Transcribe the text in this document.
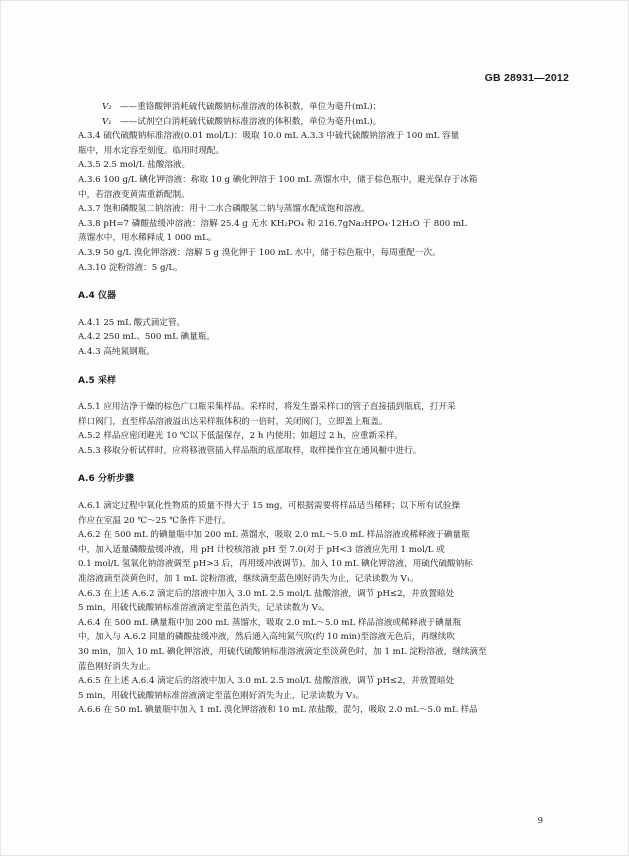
GB 28931—2012
V₂ ——重铬酸钾消耗硫代硫酸钠标准溶液的体积数，单位为毫升(mL)；
V₁ ——试剂空白消耗硫代硫酸钠标准溶液的体积数，单位为毫升(mL)。
A.3.4 硫代硫酸钠标准溶液(0.01 mol/L)：吸取 10.0 mL A.3.3 中硫代硫酸钠溶液于 100 mL 容量
瓶中，用水定容至刻度。临用时现配。
A.3.5 2.5 mol/L 盐酸溶液。
A.3.6 100 g/L 碘化钾溶液：称取 10 g 碘化钾溶于 100 mL 蒸馏水中，储于棕色瓶中，避光保存于冰箱
中，若溶液变黄需重新配制。
A.3.7 饱和磷酸氢二钠溶液：用十二水合磷酸氢二钠与蒸馏水配成饱和溶液。
A.3.8 pH=7 磷酸盐缓冲溶液：溶解 25.4 g 无水 KH₂PO₄ 和 216.7gNa₂HPO₄·12H₂O 于 800 mL
蒸馏水中，用水稀释成 1 000 mL。
A.3.9 50 g/L 溴化钾溶液：溶解 5 g 溴化钾于 100 mL 水中，储于棕色瓶中，每周重配一次。
A.3.10 淀粉溶液：5 g/L。
A.4 仪器
A.4.1 25 mL 酸式滴定管。
A.4.2 250 mL、500 mL 碘量瓶。
A.4.3 高纯氮钢瓶。
A.5 采样
A.5.1 应用洁净干燥的棕色广口瓶采集样品。采样时，将发生器采样口的管子直接插到瓶底，打开采
样口阀门，直至样品溶液溢出达采样瓶体积的一倍时，关闭阀门，立即盖上瓶盖。
A.5.2 样品应密闭避光 10 ℃以下低温保存，2 h 内使用；如超过 2 h，应重新采样。
A.5.3 移取分析试样时，应将移液管插入样品瓶的底部取样，取样操作宜在通风橱中进行。
A.6 分析步骤
A.6.1 滴定过程中氧化性物质的质量不得大于 15 mg，可根据需要将样品适当稀释；以下所有试验操
作应在室温 20 ℃～25 ℃条件下进行。
A.6.2 在 500 mL 的碘量瓶中加 200 mL 蒸馏水，吸取 2.0 mL～5.0 mL 样品溶液或稀释液于碘量瓶
中，加入适量磷酸盐缓冲液，用 pH 计校核溶液 pH 至 7.0(对于 pH<3 溶液应先用 1 mol/L 或
0.1 mol/L 氢氧化钠溶液调至 pH>3 后，再用缓冲液调节)。加入 10 mL 碘化钾溶液，用硫代硫酸钠标
准溶液滴至淡黄色时，加 1 mL 淀粉溶液，继续滴至蓝色刚好消失为止，记录读数为 V₁。
A.6.3 在上述 A.6.2 滴定后的溶液中加入 3.0 mL 2.5 mol/L 盐酸溶液，调节 pH≤2，并放置暗处
5 min，用硫代硫酸钠标准溶液滴定至蓝色消失，记录读数为 V₂。
A.6.4 在 500 mL 碘量瓶中加 200 mL 蒸馏水，吸取 2.0 mL～5.0 mL 样品溶液或稀释液于碘量瓶
中，加入与 A.6.2 同量的磷酸盐缓冲液，然后通入高纯氮气吹(约 10 min)至溶液无色后，再继续吹
30 min，加入 10 mL 碘化钾溶液，用硫代硫酸钠标准溶液滴定至淡黄色时，加 1 mL 淀粉溶液，继续滴至
蓝色刚好消失为止。
A.6.5 在上述 A.6.4 滴定后的溶液中加入 3.0 mL 2.5 mol/L 盐酸溶液，调节 pH≤2，并放置暗处
5 min，用硫代硫酸钠标准溶液滴定至蓝色刚好消失为止，记录读数为 V₃。
A.6.6 在 50 mL 碘量瓶中加入 1 mL 溴化钾溶液和 10 mL 浓盐酸，混匀，吸取 2.0 mL～5.0 mL 样品
9
